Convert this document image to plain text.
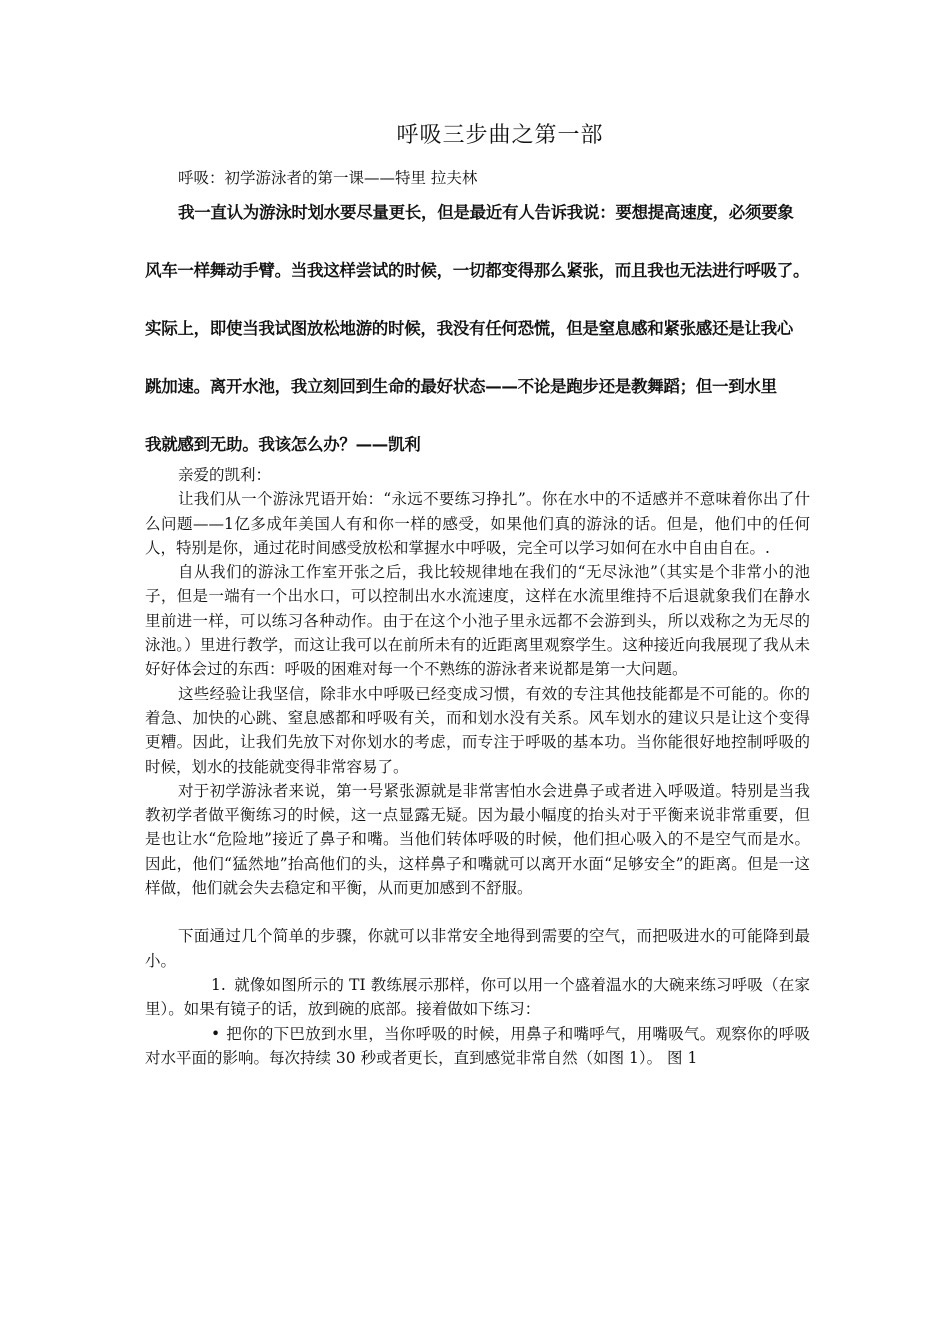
呼吸三步曲之第一部
呼吸：初学游泳者的第一课——特里 拉夫林
我一直认为游泳时划水要尽量更长，但是最近有人告诉我说：要想提高速度，必须要象
风车一样舞动手臂。当我这样尝试的时候，一切都变得那么紧张，而且我也无法进行呼吸了。
实际上，即使当我试图放松地游的时候，我没有任何恐慌，但是窒息感和紧张感还是让我心
跳加速。离开水池，我立刻回到生命的最好状态——不论是跑步还是教舞蹈；但一到水里
我就感到无助。我该怎么办？——凯利

亲爱的凯利：

让我们从一个游泳咒语开始：“永远不要练习挣扎”。你在水中的不适感并不意味着你出了什么问题——1亿多成年美国人有和你一样的感受，如果他们真的游泳的话。但是，他们中的任何人，特别是你，通过花时间感受放松和掌握水中呼吸，完全可以学习如何在水中自由自在。.

自从我们的游泳工作室开张之后，我比较规律地在我们的“无尽泳池”（其实是个非常小的池子，但是一端有一个出水口，可以控制出水水流速度，这样在水流里维持不后退就象我们在静水里前进一样，可以练习各种动作。由于在这个小池子里永远都不会游到头，所以戏称之为无尽的泳池。）里进行教学，而这让我可以在前所未有的近距离里观察学生。这种接近向我展现了我从未好好体会过的东西：呼吸的困难对每一个不熟练的游泳者来说都是第一大问题。

这些经验让我坚信，除非水中呼吸已经变成习惯，有效的专注其他技能都是不可能的。你的着急、加快的心跳、窒息感都和呼吸有关，而和划水没有关系。风车划水的建议只是让这个变得更糟。因此，让我们先放下对你划水的考虑，而专注于呼吸的基本功。当你能很好地控制呼吸的时候，划水的技能就变得非常容易了。

对于初学游泳者来说，第一号紧张源就是非常害怕水会进鼻子或者进入呼吸道。特别是当我教初学者做平衡练习的时候，这一点显露无疑。因为最小幅度的抬头对于平衡来说非常重要，但是也让水“危险地”接近了鼻子和嘴。当他们转体呼吸的时候，他们担心吸入的不是空气而是水。因此，他们“猛然地”抬高他们的头，这样鼻子和嘴就可以离开水面“足够安全”的距离。但是一这样做，他们就会失去稳定和平衡，从而更加感到不舒服。

下面通过几个简单的步骤，你就可以非常安全地得到需要的空气，而把吸进水的可能降到最小。

1. 就像如图所示的 TI 教练展示那样，你可以用一个盛着温水的大碗来练习呼吸（在家里）。如果有镜子的话，放到碗的底部。接着做如下练习：

• 把你的下巴放到水里，当你呼吸的时候，用鼻子和嘴呼气，用嘴吸气。观察你的呼吸对水平面的影响。每次持续 30 秒或者更长，直到感觉非常自然（如图 1）。 图 1
